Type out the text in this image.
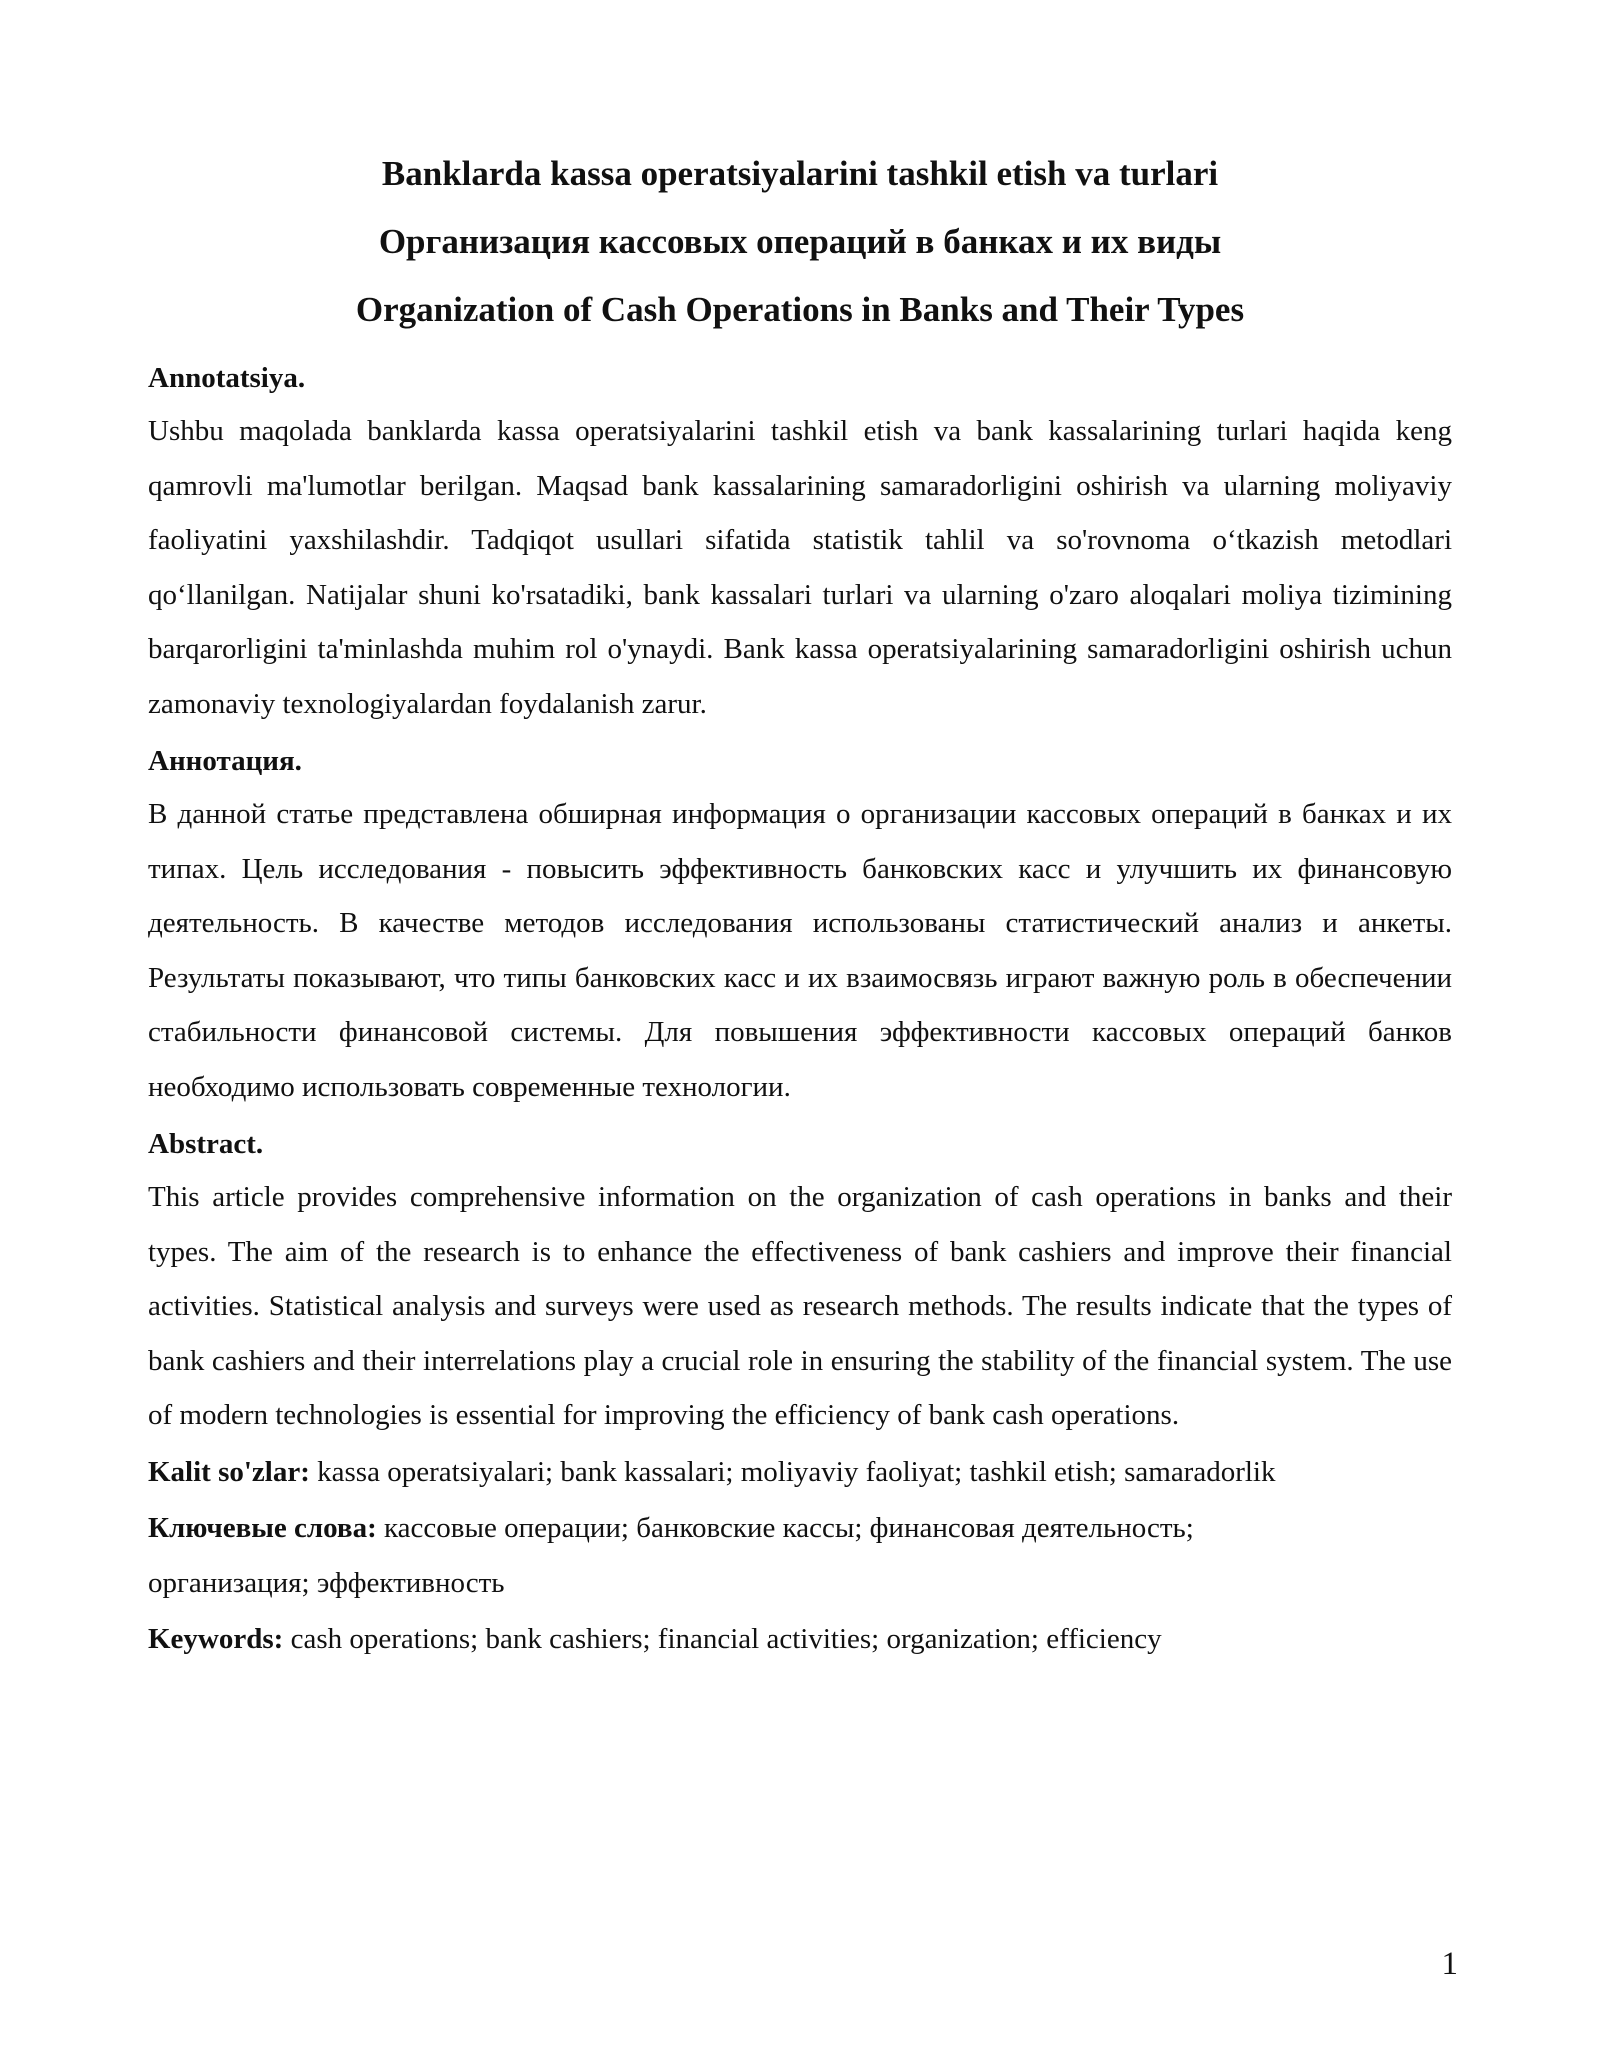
Banklarda kassa operatsiyalarini tashkil etish va turlari
Организация кассовых операций в банках и их виды
Organization of Cash Operations in Banks and Their Types
Annotatsiya.
Ushbu maqolada banklarda kassa operatsiyalarini tashkil etish va bank kassalarining turlari haqida keng qamrovli ma'lumotlar berilgan. Maqsad bank kassalarining samaradorligini oshirish va ularning moliyaviy faoliyatini yaxshilashdir. Tadqiqot usullari sifatida statistik tahlil va so'rovnoma o‘tkazish metodlari qo‘llanilgan. Natijalar shuni ko'rsatadiki, bank kassalari turlari va ularning o'zaro aloqalari moliya tizimining barqarorligini ta'minlashda muhim rol o'ynaydi. Bank kassa operatsiyalarining samaradorligini oshirish uchun zamonaviy texnologiyalardan foydalanish zarur.
Аннотация.
В данной статье представлена обширная информация о организации кассовых операций в банках и их типах. Цель исследования - повысить эффективность банковских касс и улучшить их финансовую деятельность. В качестве методов исследования использованы статистический анализ и анкеты. Результаты показывают, что типы банковских касс и их взаимосвязь играют важную роль в обеспечении стабильности финансовой системы. Для повышения эффективности кассовых операций банков необходимо использовать современные технологии.
Abstract.
This article provides comprehensive information on the organization of cash operations in banks and their types. The aim of the research is to enhance the effectiveness of bank cashiers and improve their financial activities. Statistical analysis and surveys were used as research methods. The results indicate that the types of bank cashiers and their interrelations play a crucial role in ensuring the stability of the financial system. The use of modern technologies is essential for improving the efficiency of bank cash operations.
Kalit so'zlar: kassa operatsiyalari; bank kassalari; moliyaviy faoliyat; tashkil etish; samaradorlik
Ключевые слова: кассовые операции; банковские кассы; финансовая деятельность;
организация; эффективность
Keywords: cash operations; bank cashiers; financial activities; organization; efficiency
1
